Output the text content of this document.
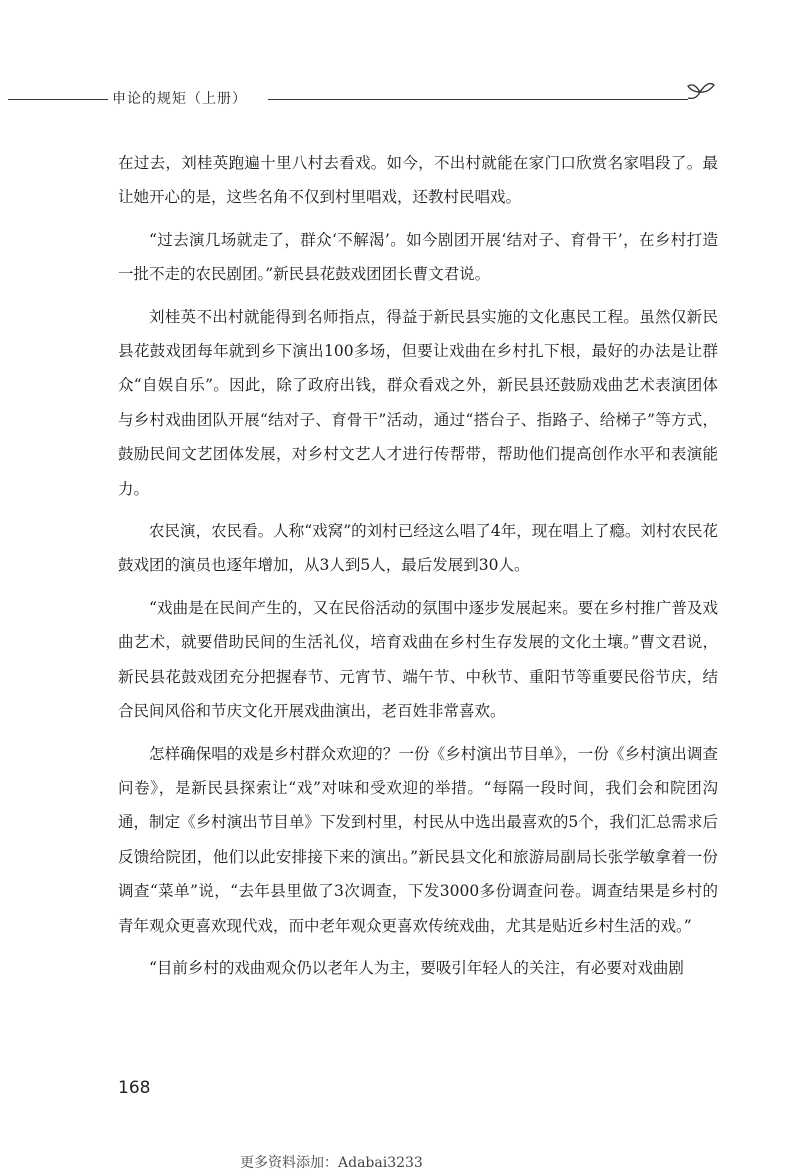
申论的规矩（上册）

在过去，刘桂英跑遍十里八村去看戏。如今，不出村就能在家门口欣赏名家唱段了。最让她开心的是，这些名角不仅到村里唱戏，还教村民唱戏。

“过去演几场就走了，群众‘不解渴’。如今剧团开展‘结对子、育骨干’，在乡村打造一批不走的农民剧团。”新民县花鼓戏团团长曹文君说。

刘桂英不出村就能得到名师指点，得益于新民县实施的文化惠民工程。虽然仅新民县花鼓戏团每年就到乡下演出100多场，但要让戏曲在乡村扎下根，最好的办法是让群众“自娱自乐”。因此，除了政府出钱，群众看戏之外，新民县还鼓励戏曲艺术表演团体与乡村戏曲团队开展“结对子、育骨干”活动，通过“搭台子、指路子、给梯子”等方式，鼓励民间文艺团体发展，对乡村文艺人才进行传帮带，帮助他们提高创作水平和表演能力。

农民演，农民看。人称“戏窝”的刘村已经这么唱了4年，现在唱上了瘾。刘村农民花鼓戏团的演员也逐年增加，从3人到5人，最后发展到30人。

“戏曲是在民间产生的，又在民俗活动的氛围中逐步发展起来。要在乡村推广普及戏曲艺术，就要借助民间的生活礼仪，培育戏曲在乡村生存发展的文化土壤。”曹文君说，新民县花鼓戏团充分把握春节、元宵节、端午节、中秋节、重阳节等重要民俗节庆，结合民间风俗和节庆文化开展戏曲演出，老百姓非常喜欢。

怎样确保唱的戏是乡村群众欢迎的？一份《乡村演出节目单》，一份《乡村演出调查问卷》，是新民县探索让“戏”对味和受欢迎的举措。“每隔一段时间，我们会和院团沟通，制定《乡村演出节目单》下发到村里，村民从中选出最喜欢的5个，我们汇总需求后反馈给院团，他们以此安排接下来的演出。”新民县文化和旅游局副局长张学敏拿着一份调查“菜单”说，“去年县里做了3次调查，下发3000多份调查问卷。调查结果是乡村的青年观众更喜欢现代戏，而中老年观众更喜欢传统戏曲，尤其是贴近乡村生活的戏。”

“目前乡村的戏曲观众仍以老年人为主，要吸引年轻人的关注，有必要对戏曲剧

168
更多资料添加：Adabai3233
